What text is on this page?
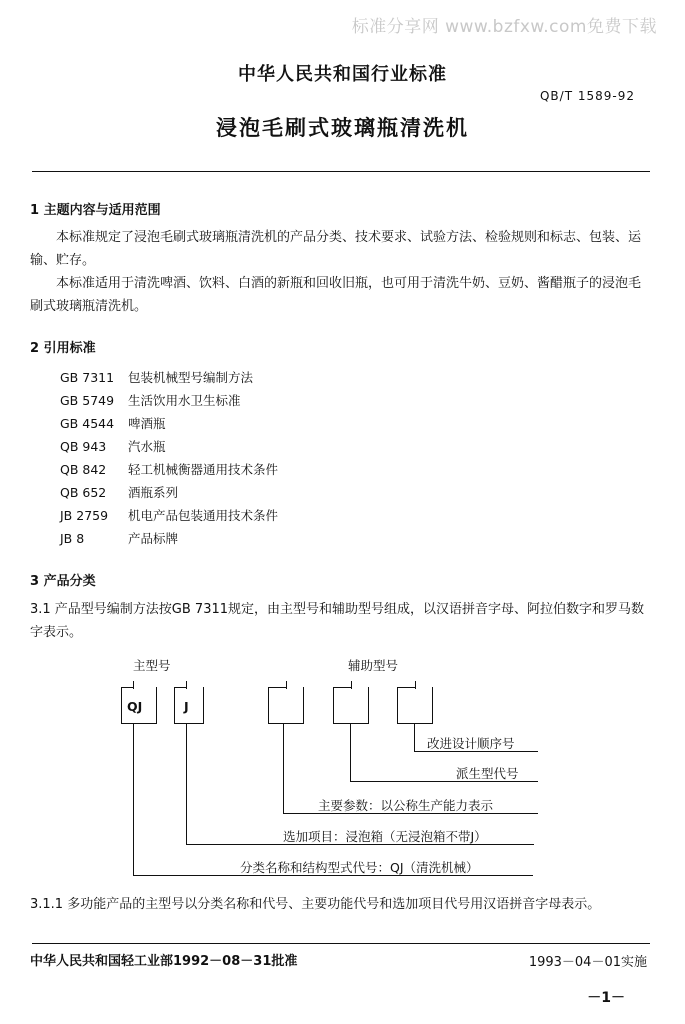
标准分享网 www.bzfxw.com免费下载
中华人民共和国行业标准
QB/T 1589-92
浸泡毛刷式玻璃瓶清洗机
1 主题内容与适用范围
本标准规定了浸泡毛刷式玻璃瓶清洗机的产品分类、技术要求、试验方法、检验规则和标志、包装、运输、贮存。
本标准适用于清洗啤酒、饮料、白酒的新瓶和回收旧瓶，也可用于清洗牛奶、豆奶、酱醋瓶子的浸泡毛刷式玻璃瓶清洗机。
2 引用标准
GB 7311 包装机械型号编制方法
GB 5749 生活饮用水卫生标准
GB 4544 啤酒瓶
QB 943 汽水瓶
QB 842 轻工机械衡器通用技术条件
QB 652 酒瓶系列
JB 2759 机电产品包装通用技术条件
JB 8	产品标牌
3 产品分类
3.1 产品型号编制方法按GB 7311规定，由主型号和辅助型号组成，以汉语拼音字母、阿拉伯数字和罗马数字表示。
主型号	辅助型号
QJ	J
改进设计顺序号
派生型代号
主要参数：以公称生产能力表示
选加项目：浸泡箱（无浸泡箱不带J）
分类名称和结构型式代号：QJ（清洗机械）
3.1.1 多功能产品的主型号以分类名称和代号、主要功能代号和选加项目代号用汉语拼音字母表示。
中华人民共和国轻工业部1992－08－31批准	1993－04－01实施
－1－
